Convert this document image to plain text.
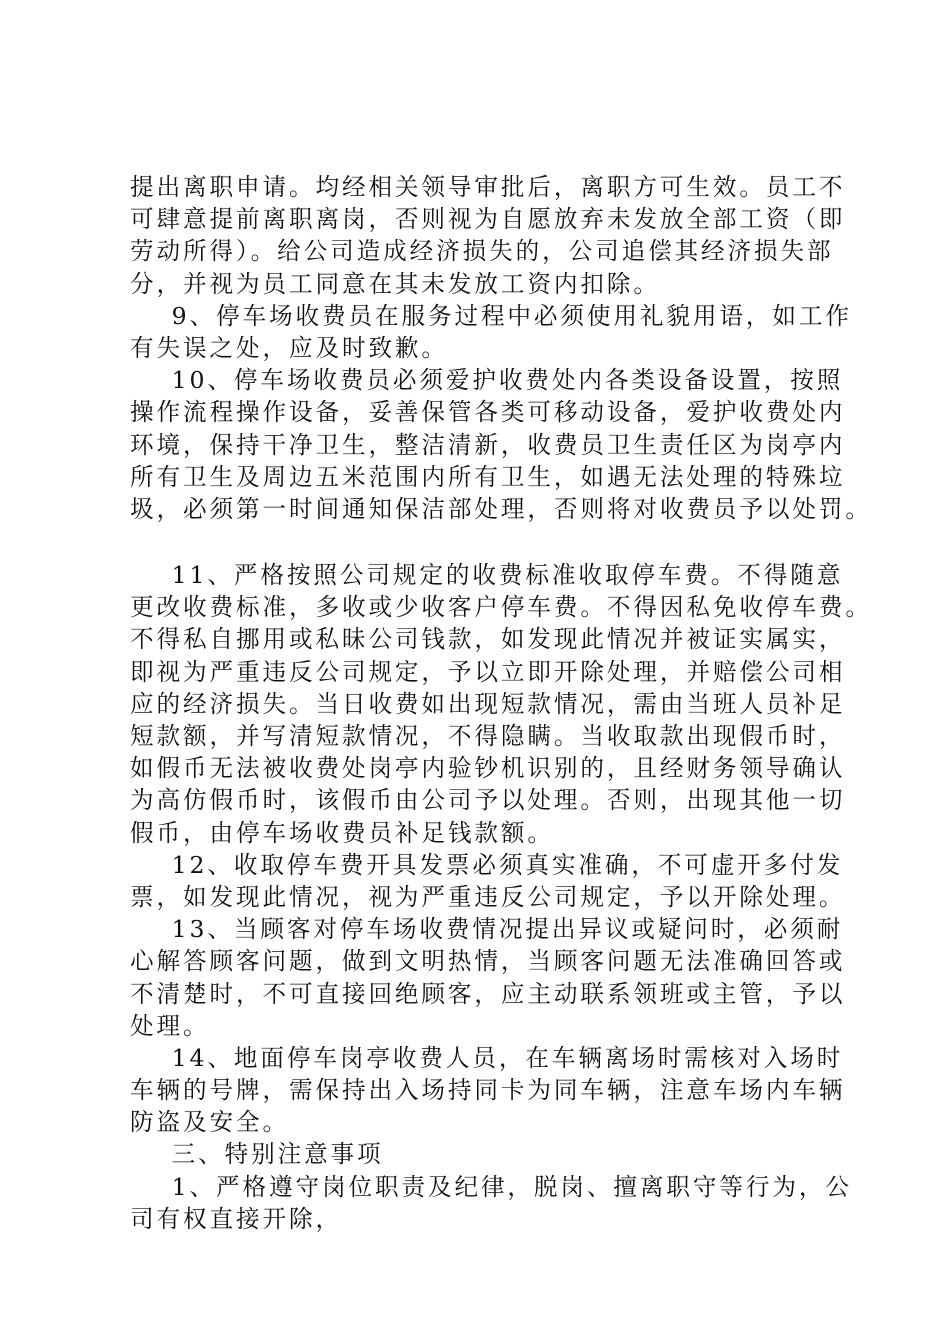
提出离职申请。均经相关领导审批后，离职方可生效。员工不
可肆意提前离职离岗，否则视为自愿放弃未发放全部工资（即
劳动所得）。给公司造成经济损失的，公司追偿其经济损失部
分，并视为员工同意在其未发放工资内扣除。
9、停车场收费员在服务过程中必须使用礼貌用语，如工作
有失误之处，应及时致歉。
10、停车场收费员必须爱护收费处内各类设备设置，按照
操作流程操作设备，妥善保管各类可移动设备，爱护收费处内
环境，保持干净卫生，整洁清新，收费员卫生责任区为岗亭内
所有卫生及周边五米范围内所有卫生，如遇无法处理的特殊垃
圾，必须第一时间通知保洁部处理，否则将对收费员予以处罚。
11、严格按照公司规定的收费标准收取停车费。不得随意
更改收费标准，多收或少收客户停车费。不得因私免收停车费。
不得私自挪用或私昧公司钱款，如发现此情况并被证实属实，
即视为严重违反公司规定，予以立即开除处理，并赔偿公司相
应的经济损失。当日收费如出现短款情况，需由当班人员补足
短款额，并写清短款情况，不得隐瞒。当收取款出现假币时，
如假币无法被收费处岗亭内验钞机识别的，且经财务领导确认
为高仿假币时，该假币由公司予以处理。否则，出现其他一切
假币，由停车场收费员补足钱款额。
12、收取停车费开具发票必须真实准确，不可虚开多付发
票，如发现此情况，视为严重违反公司规定，予以开除处理。
13、当顾客对停车场收费情况提出异议或疑问时，必须耐
心解答顾客问题，做到文明热情，当顾客问题无法准确回答或
不清楚时，不可直接回绝顾客，应主动联系领班或主管，予以
处理。
14、地面停车岗亭收费人员，在车辆离场时需核对入场时
车辆的号牌，需保持出入场持同卡为同车辆，注意车场内车辆
防盗及安全。
三、特别注意事项
1、严格遵守岗位职责及纪律，脱岗、擅离职守等行为，公
司有权直接开除，
